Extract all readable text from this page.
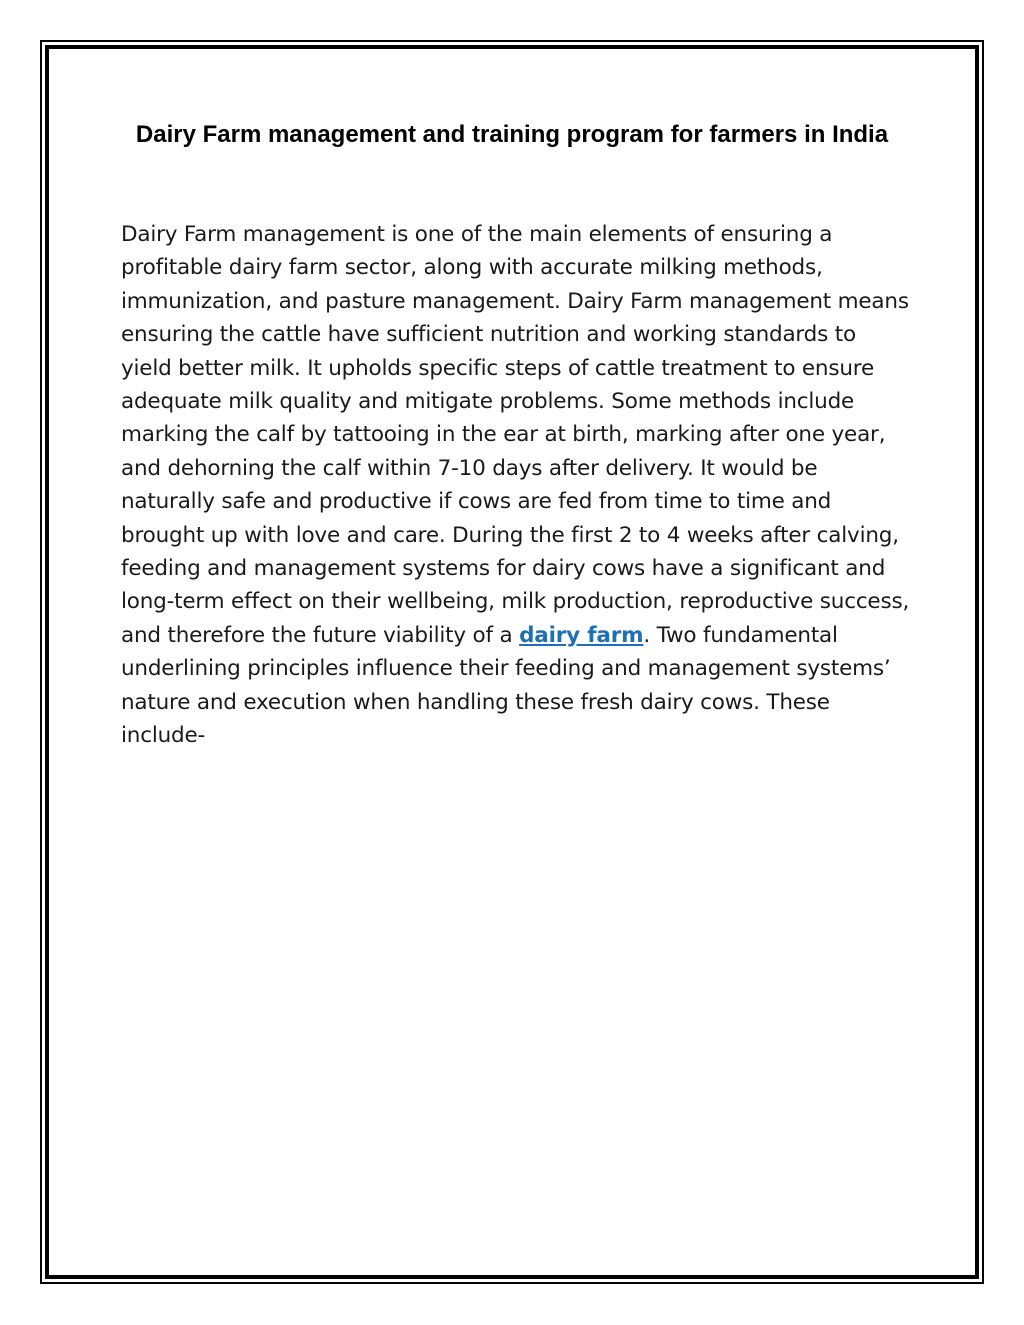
Dairy Farm management and training program for farmers in India

Dairy Farm management is one of the main elements of ensuring a profitable dairy farm sector, along with accurate milking methods, immunization, and pasture management. Dairy Farm management means ensuring the cattle have sufficient nutrition and working standards to yield better milk. It upholds specific steps of cattle treatment to ensure adequate milk quality and mitigate problems. Some methods include marking the calf by tattooing in the ear at birth, marking after one year, and dehorning the calf within 7-10 days after delivery. It would be naturally safe and productive if cows are fed from time to time and brought up with love and care. During the first 2 to 4 weeks after calving, feeding and management systems for dairy cows have a significant and long-term effect on their wellbeing, milk production, reproductive success, and therefore the future viability of a dairy farm. Two fundamental underlining principles influence their feeding and management systems’ nature and execution when handling these fresh dairy cows. These include-
